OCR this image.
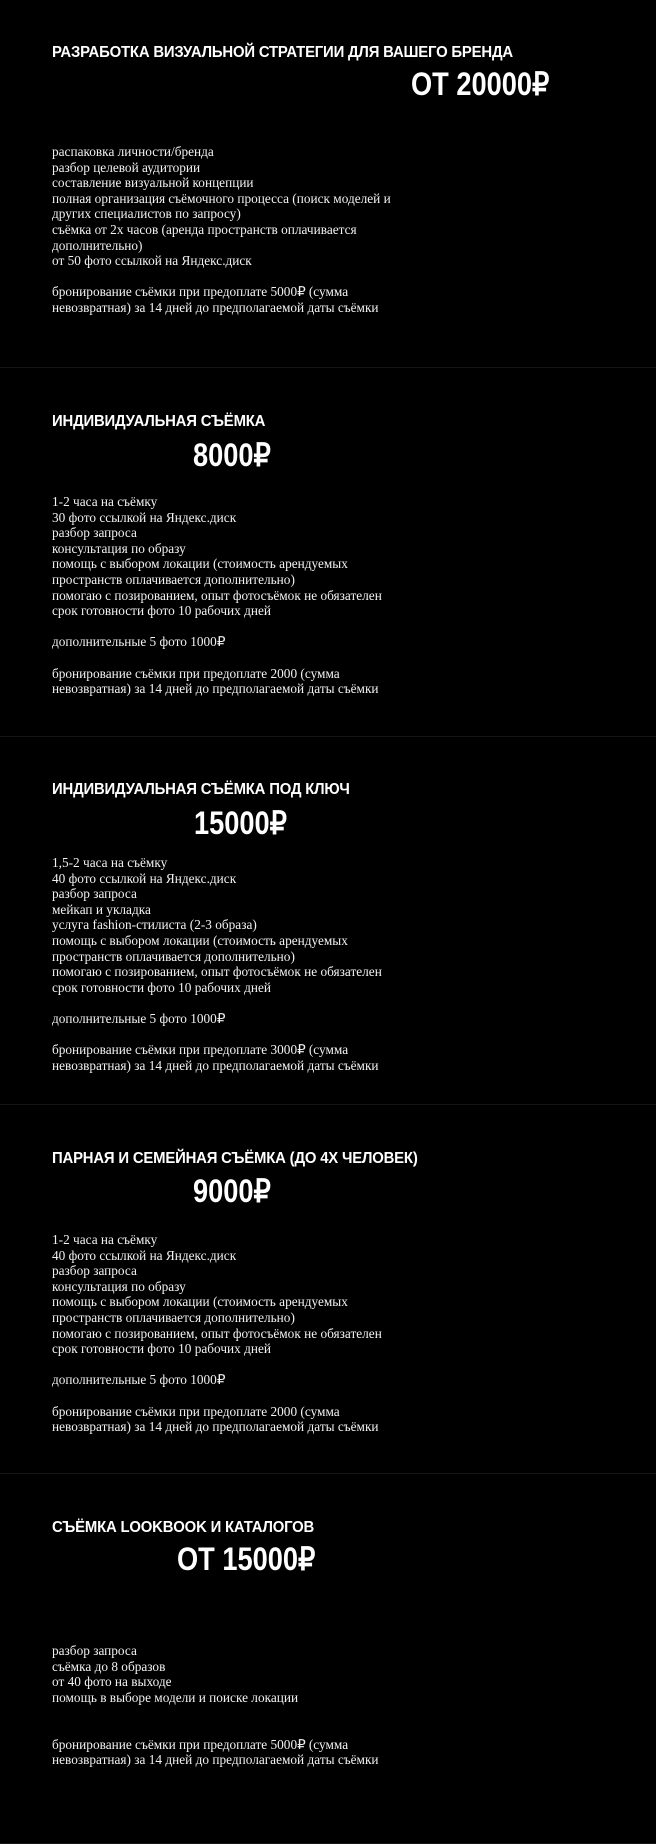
РАЗРАБОТКА ВИЗУАЛЬНОЙ СТРАТЕГИИ ДЛЯ ВАШЕГО БРЕНДА
ОТ 20000₽
распаковка личности/бренда
разбор целевой аудитории
составление визуальной концепции
полная организация съёмочного процесса (поиск моделей и
других специалистов по запросу)
съёмка от 2х часов (аренда пространств оплачивается
дополнительно)
от 50 фото ссылкой на Яндекс.диск
бронирование съёмки при предоплате 5000₽ (сумма
невозвратная) за 14 дней до предполагаемой даты съёмки
ИНДИВИДУАЛЬНАЯ СЪЁМКА
8000₽
1-2 часа на съёмку
30 фото ссылкой на Яндекс.диск
разбор запроса
консультация по образу
помощь с выбором локации (стоимость арендуемых
пространств оплачивается дополнительно)
помогаю с позированием, опыт фотосъёмок не обязателен
срок готовности фото 10 рабочих дней
дополнительные 5 фото 1000₽
бронирование съёмки при предоплате 2000 (сумма
невозвратная) за 14 дней до предполагаемой даты съёмки
ИНДИВИДУАЛЬНАЯ СЪЁМКА ПОД КЛЮЧ
15000₽
1,5-2 часа на съёмку
40 фото ссылкой на Яндекс.диск
разбор запроса
мейкап и укладка
услуга fashion-стилиста (2-3 образа)
помощь с выбором локации (стоимость арендуемых
пространств оплачивается дополнительно)
помогаю с позированием, опыт фотосъёмок не обязателен
срок готовности фото 10 рабочих дней
дополнительные 5 фото 1000₽
бронирование съёмки при предоплате 3000₽ (сумма
невозвратная) за 14 дней до предполагаемой даты съёмки
ПАРНАЯ И СЕМЕЙНАЯ СЪЁМКА (ДО 4Х ЧЕЛОВЕК)
9000₽
1-2 часа на съёмку
40 фото ссылкой на Яндекс.диск
разбор запроса
консультация по образу
помощь с выбором локации (стоимость арендуемых
пространств оплачивается дополнительно)
помогаю с позированием, опыт фотосъёмок не обязателен
срок готовности фото 10 рабочих дней
дополнительные 5 фото 1000₽
бронирование съёмки при предоплате 2000 (сумма
невозвратная) за 14 дней до предполагаемой даты съёмки
СЪЁМКА LOOKBOOK И КАТАЛОГОВ
ОТ 15000₽
разбор запроса
съёмка до 8 образов
от 40 фото на выходе
помощь в выборе модели и поиске локации
бронирование съёмки при предоплате 5000₽ (сумма
невозвратная) за 14 дней до предполагаемой даты съёмки
